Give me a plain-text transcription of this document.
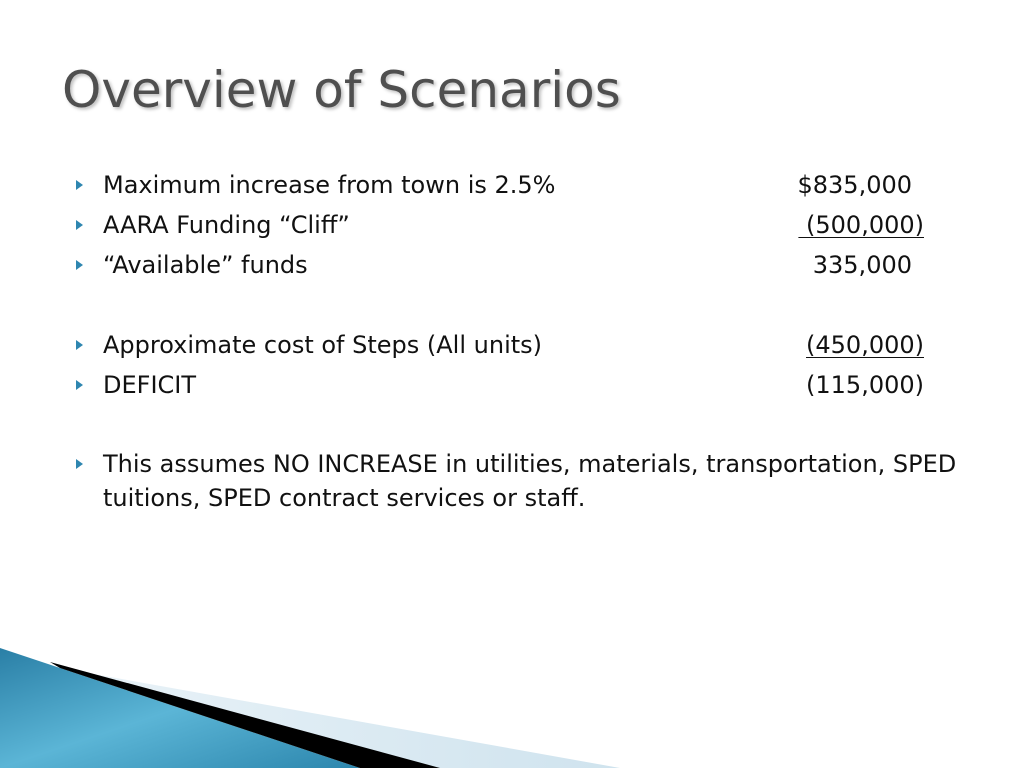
Overview of Scenarios
Maximum increase from town is 2.5%	$835,000
AARA Funding “Cliff”	(500,000)
“Available” funds	335,000
Approximate cost of Steps (All units)	(450,000)
DEFICIT	(115,000)
This assumes NO INCREASE in utilities, materials, transportation, SPED tuitions, SPED contract services or staff.
